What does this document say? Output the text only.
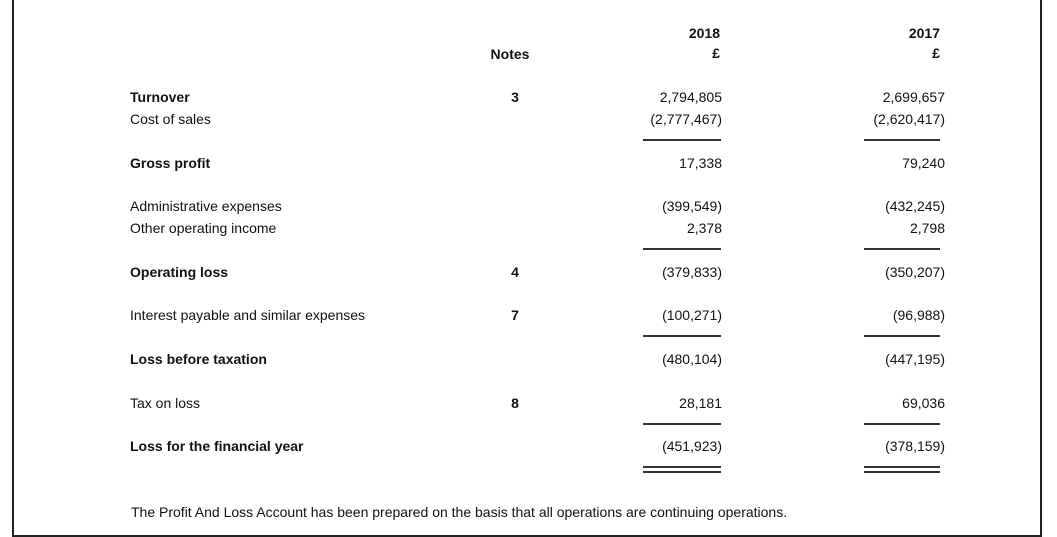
2018	2017
£	£
Notes
Turnover	3	2,794,805	2,699,657
Cost of sales	(2,777,467)	(2,620,417)
Gross profit	17,338	79,240
Administrative expenses	(399,549)	(432,245)
Other operating income	2,378	2,798
Operating loss	4	(379,833)	(350,207)
Interest payable and similar expenses	7	(100,271)	(96,988)
Loss before taxation	(480,104)	(447,195)
Tax on loss	8	28,181	69,036
Loss for the financial year	(451,923)	(378,159)
The Profit And Loss Account has been prepared on the basis that all operations are continuing operations.
